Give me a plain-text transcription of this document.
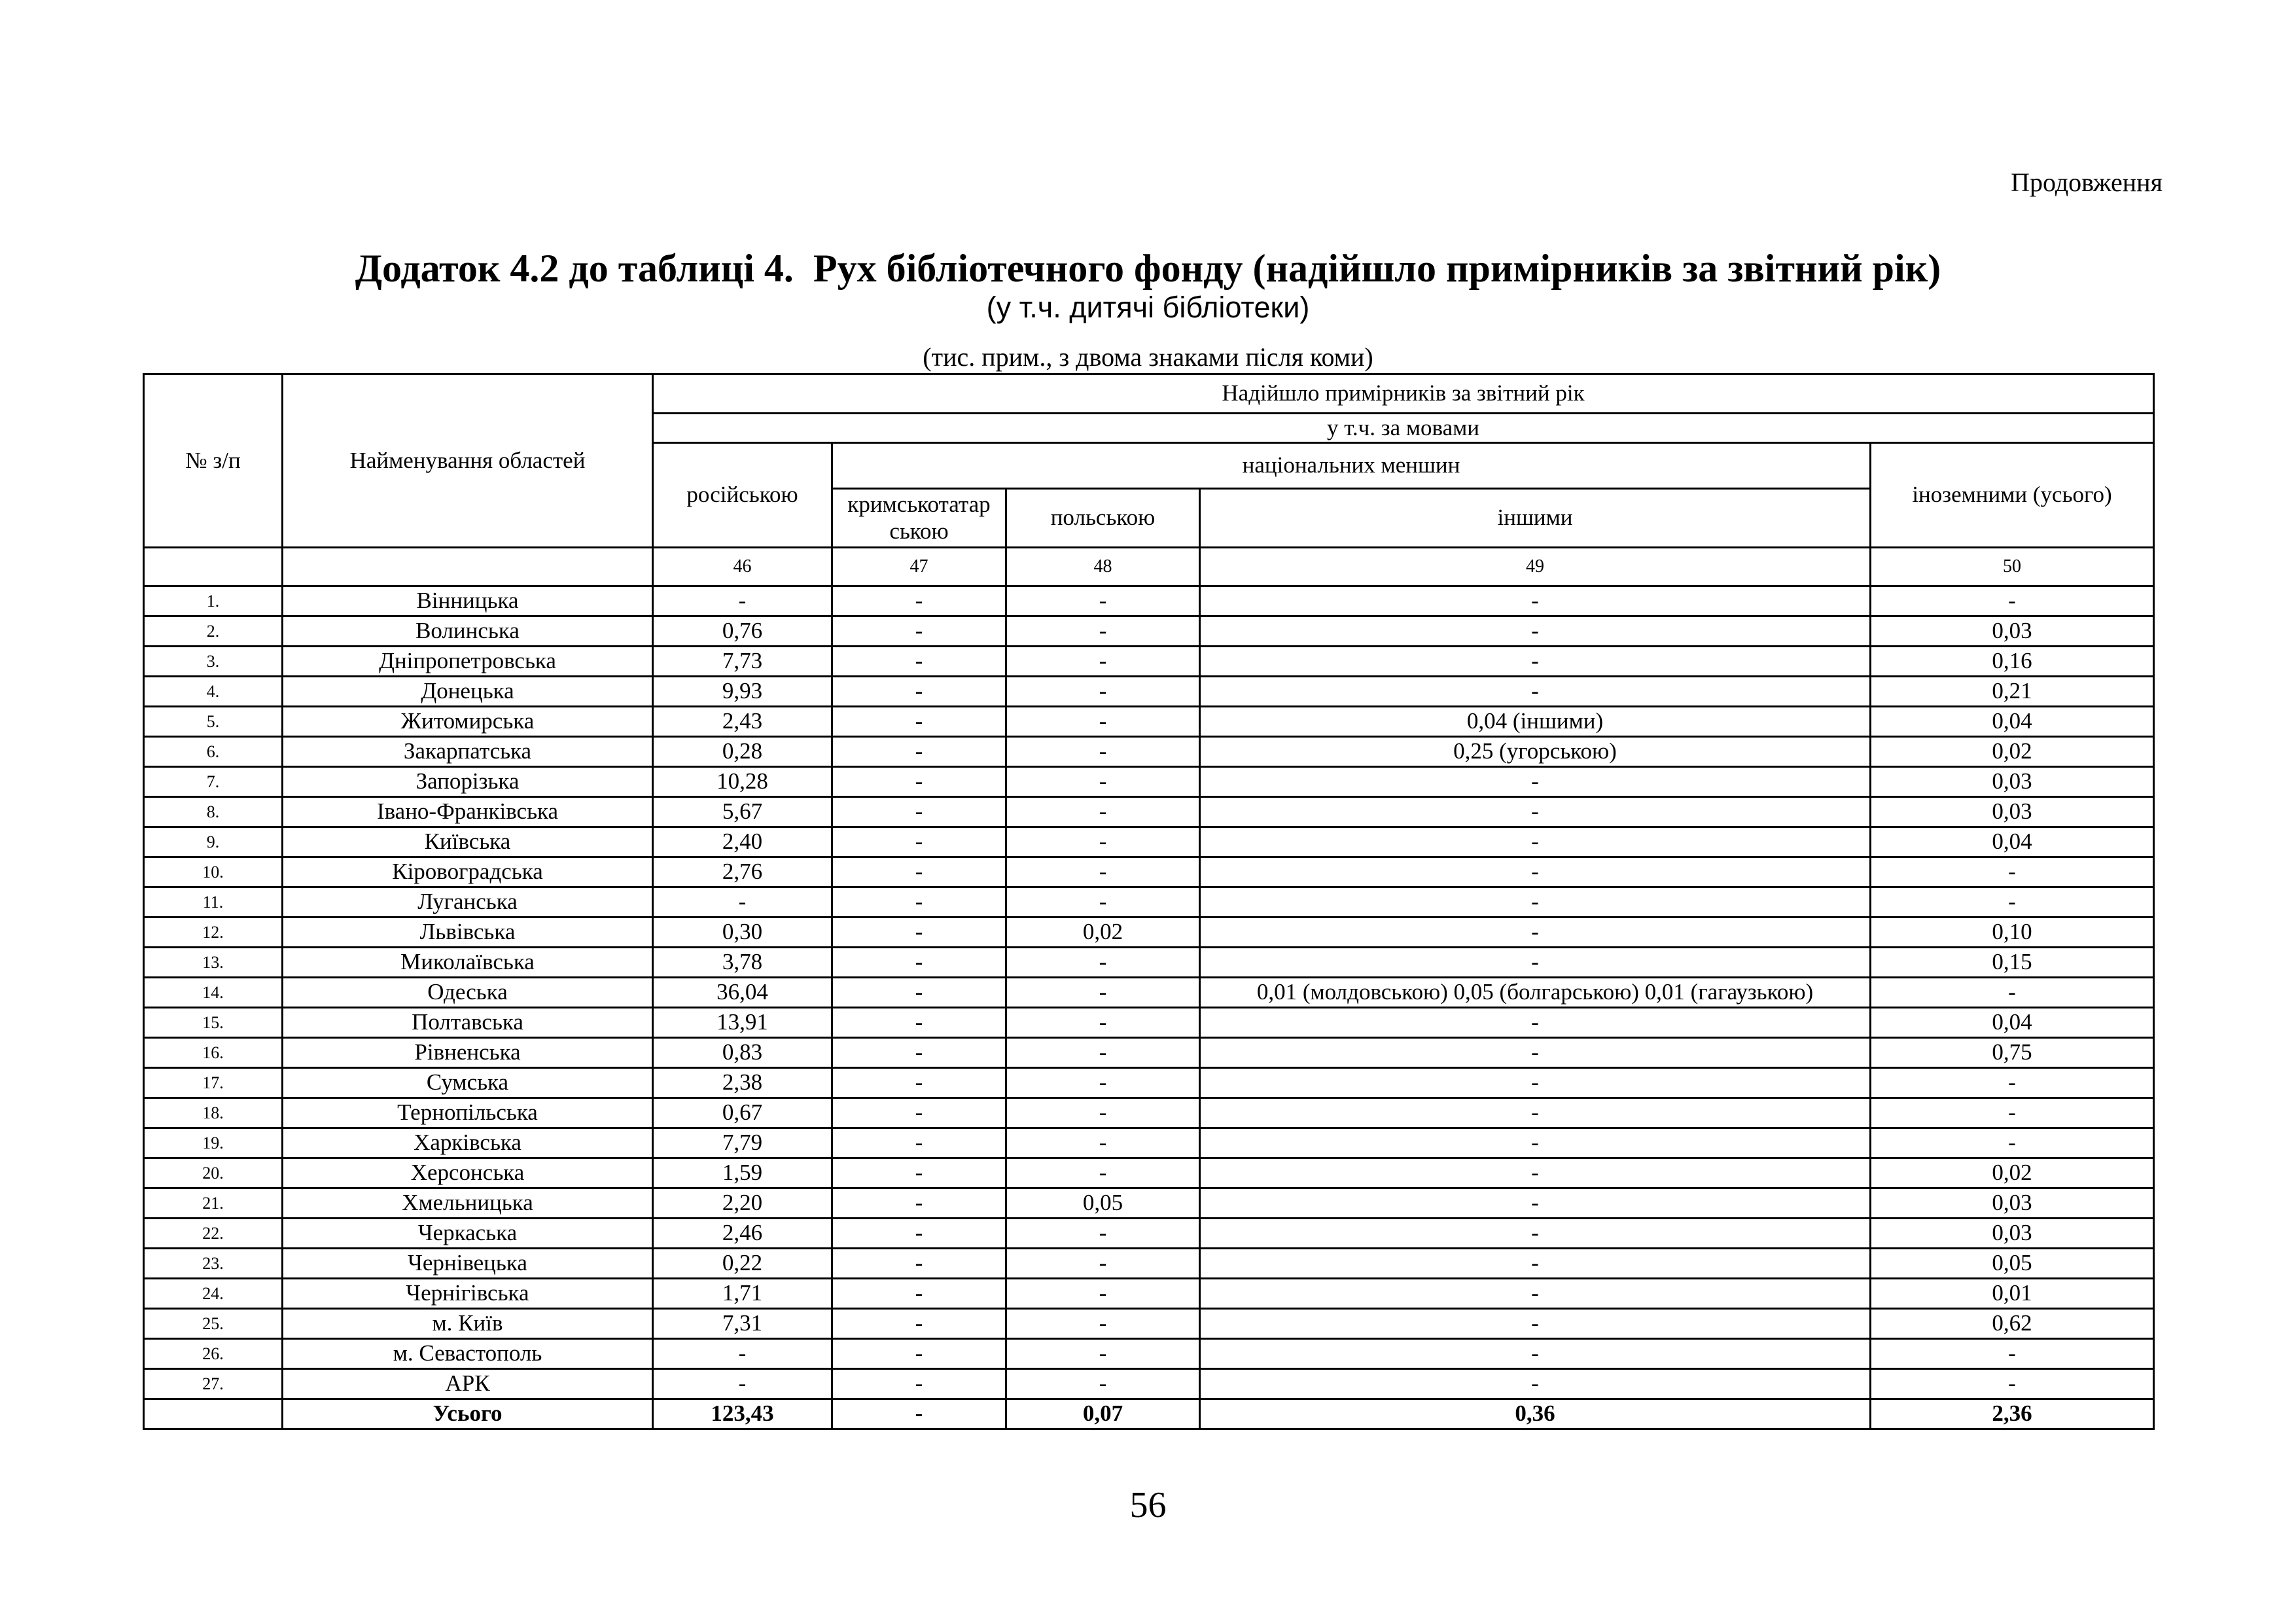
Продовження
Додаток 4.2 до таблиці 4.  Рух бібліотечного фонду (надійшло примірників за звітний рік)
(у т.ч. дитячі бібліотеки)
(тис. прим., з двома знаками після коми)
№ з/п	Найменування областей	Надійшло примірників за звітний рік				
		у т.ч. за мовами				
		російською	національних меншин			іноземними (усього)
			кримськотатар ською	польською	іншими	
		46	47	48	49	50
1.	Вінницька	-	-	-	-	-
2.	Волинська	0,76	-	-	-	0,03
3.	Дніпропетровська	7,73	-	-	-	0,16
4.	Донецька	9,93	-	-	-	0,21
5.	Житомирська	2,43	-	-	0,04 (іншими)	0,04
6.	Закарпатська	0,28	-	-	0,25 (угорською)	0,02
7.	Запорізька	10,28	-	-	-	0,03
8.	Івано-Франківська	5,67	-	-	-	0,03
9.	Київська	2,40	-	-	-	0,04
10.	Кіровоградська	2,76	-	-	-	-
11.	Луганська	-	-	-	-	-
12.	Львівська	0,30	-	0,02	-	0,10
13.	Миколаївська	3,78	-	-	-	0,15
14.	Одеська	36,04	-	-	0,01 (молдовською) 0,05 (болгарською) 0,01 (гагаузькою)	-
15.	Полтавська	13,91	-	-	-	0,04
16.	Рівненська	0,83	-	-	-	0,75
17.	Сумська	2,38	-	-	-	-
18.	Тернопільська	0,67	-	-	-	-
19.	Харківська	7,79	-	-	-	-
20.	Херсонська	1,59	-	-	-	0,02
21.	Хмельницька	2,20	-	0,05	-	0,03
22.	Черкаська	2,46	-	-	-	0,03
23.	Чернівецька	0,22	-	-	-	0,05
24.	Чернігівська	1,71	-	-	-	0,01
25.	м. Київ	7,31	-	-	-	0,62
26.	м. Севастополь	-	-	-	-	-
27.	АРК	-	-	-	-	-
	Усього	123,43	-	0,07	0,36	2,36
56
